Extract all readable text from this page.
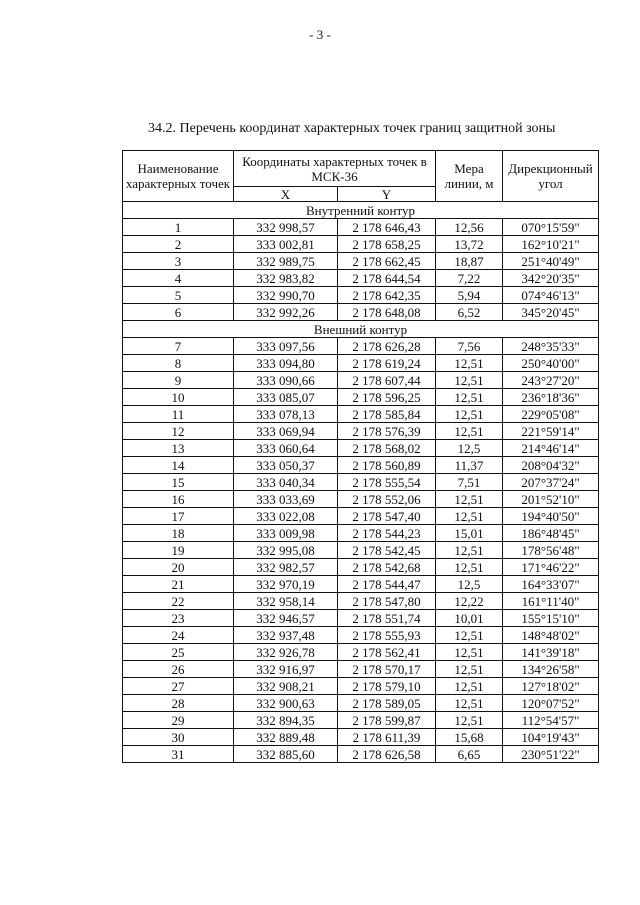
- 3 -
34.2. Перечень координат характерных точек границ защитной зоны
Наименование характерных точек	Координаты характерных точек в МСК-36		Мера линии, м	Дирекционный угол
	X	Y		
Внутренний контур				
1	332 998,57	2 178 646,43	12,56	070°15'59"
2	333 002,81	2 178 658,25	13,72	162°10'21"
3	332 989,75	2 178 662,45	18,87	251°40'49"
4	332 983,82	2 178 644,54	7,22	342°20'35"
5	332 990,70	2 178 642,35	5,94	074°46'13"
6	332 992,26	2 178 648,08	6,52	345°20'45"
Внешний контур				
7	333 097,56	2 178 626,28	7,56	248°35'33"
8	333 094,80	2 178 619,24	12,51	250°40'00"
9	333 090,66	2 178 607,44	12,51	243°27'20"
10	333 085,07	2 178 596,25	12,51	236°18'36"
11	333 078,13	2 178 585,84	12,51	229°05'08"
12	333 069,94	2 178 576,39	12,51	221°59'14"
13	333 060,64	2 178 568,02	12,5	214°46'14"
14	333 050,37	2 178 560,89	11,37	208°04'32"
15	333 040,34	2 178 555,54	7,51	207°37'24"
16	333 033,69	2 178 552,06	12,51	201°52'10"
17	333 022,08	2 178 547,40	12,51	194°40'50"
18	333 009,98	2 178 544,23	15,01	186°48'45"
19	332 995,08	2 178 542,45	12,51	178°56'48"
20	332 982,57	2 178 542,68	12,51	171°46'22"
21	332 970,19	2 178 544,47	12,5	164°33'07"
22	332 958,14	2 178 547,80	12,22	161°11'40"
23	332 946,57	2 178 551,74	10,01	155°15'10"
24	332 937,48	2 178 555,93	12,51	148°48'02"
25	332 926,78	2 178 562,41	12,51	141°39'18"
26	332 916,97	2 178 570,17	12,51	134°26'58"
27	332 908,21	2 178 579,10	12,51	127°18'02"
28	332 900,63	2 178 589,05	12,51	120°07'52"
29	332 894,35	2 178 599,87	12,51	112°54'57"
30	332 889,48	2 178 611,39	15,68	104°19'43"
31	332 885,60	2 178 626,58	6,65	230°51'22"
